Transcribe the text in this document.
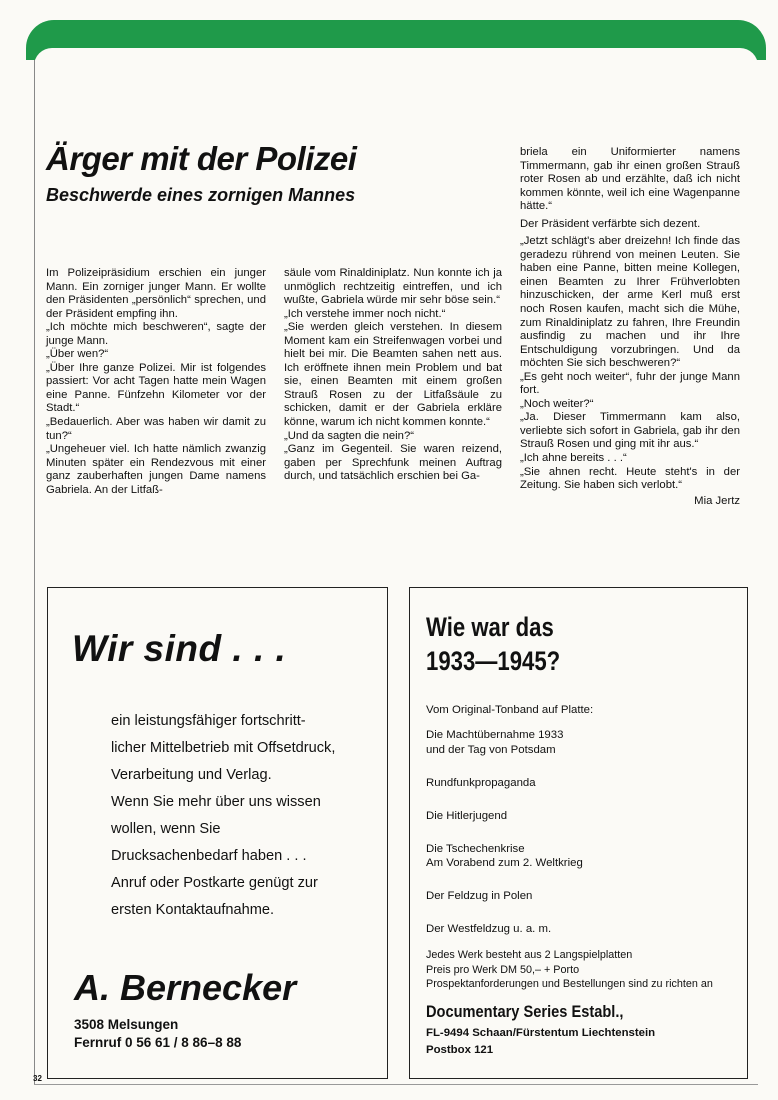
Ärger mit der Polizei
Beschwerde eines zornigen Mannes

Im Polizeipräsidium erschien ein junger Mann. Ein zorniger junger Mann. Er wollte den Präsidenten „persönlich“ sprechen, und der Präsident empfing ihn.

„Ich möchte mich beschweren“, sagte der junge Mann.

„Über wen?“

„Über Ihre ganze Polizei. Mir ist folgendes passiert: Vor acht Tagen hatte mein Wagen eine Panne. Fünfzehn Kilometer vor der Stadt.“

„Bedauerlich. Aber was haben wir damit zu tun?“

„Ungeheuer viel. Ich hatte nämlich zwanzig Minuten später ein Rendezvous mit einer ganz zauberhaften jungen Dame namens Gabriela. An der Litfaß-

säule vom Rinaldiniplatz. Nun konnte ich ja unmöglich rechtzeitig eintreffen, und ich wußte, Gabriela würde mir sehr böse sein.“

„Ich verstehe immer noch nicht.“

„Sie werden gleich verstehen. In diesem Moment kam ein Streifenwagen vorbei und hielt bei mir. Die Beamten sahen nett aus. Ich eröffnete ihnen mein Problem und bat sie, einen Beamten mit einem großen Strauß Rosen zu der Litfaßsäule zu schicken, damit er der Gabriela erkläre könne, warum ich nicht kommen konnte.“

„Und da sagten die nein?“

„Ganz im Gegenteil. Sie waren reizend, gaben per Sprechfunk meinen Auftrag durch, und tatsächlich erschien bei Ga-

briela ein Uniformierter namens Timmermann, gab ihr einen großen Strauß roter Rosen ab und erzählte, daß ich nicht kommen könnte, weil ich eine Wagenpanne hätte.“

Der Präsident verfärbte sich dezent.

„Jetzt schlägt's aber dreizehn! Ich finde das geradezu rührend von meinen Leuten. Sie haben eine Panne, bitten meine Kollegen, einen Beamten zu Ihrer Frühverlobten hinzuschicken, der arme Kerl muß erst noch Rosen kaufen, macht sich die Mühe, zum Rinaldiniplatz zu fahren, Ihre Freundin ausfindig zu machen und ihr Ihre Entschuldigung vorzubringen. Und da möchten Sie sich beschweren?“

„Es geht noch weiter“, fuhr der junge Mann fort.

„Noch weiter?“

„Ja. Dieser Timmermann kam also, verliebte sich sofort in Gabriela, gab ihr den Strauß Rosen und ging mit ihr aus.“

„Ich ahne bereits . . .“

„Sie ahnen recht. Heute steht's in der Zeitung. Sie haben sich verlobt.“

Mia Jertz

Wir sind . . .

ein leistungsfähiger fortschritt-

licher Mittelbetrieb mit Offsetdruck,

Verarbeitung und Verlag.

Wenn Sie mehr über uns wissen

wollen, wenn Sie

Drucksachenbedarf haben . . .

Anruf oder Postkarte genügt zur

ersten Kontaktaufnahme.

A. Bernecker
3508 Melsungen
Fernruf 0 56 61 / 8 86–8 88
Wie war das
1933—1945?
Vom Original-Tonband auf Platte:
Die Machtübernahme 1933
und der Tag von Potsdam
Rundfunkpropaganda
Die Hitlerjugend
Die Tschechenkrise
Am Vorabend zum 2. Weltkrieg
Der Feldzug in Polen
Der Westfeldzug u. a. m.

Jedes Werk besteht aus 2 Langspielplatten

Preis pro Werk DM 50,– + Porto

Prospektanforderungen und Bestellungen sind zu richten an

Documentary Series Establ.,

FL-9494 Schaan/Fürstentum Liechtenstein

Postbox 121

32
